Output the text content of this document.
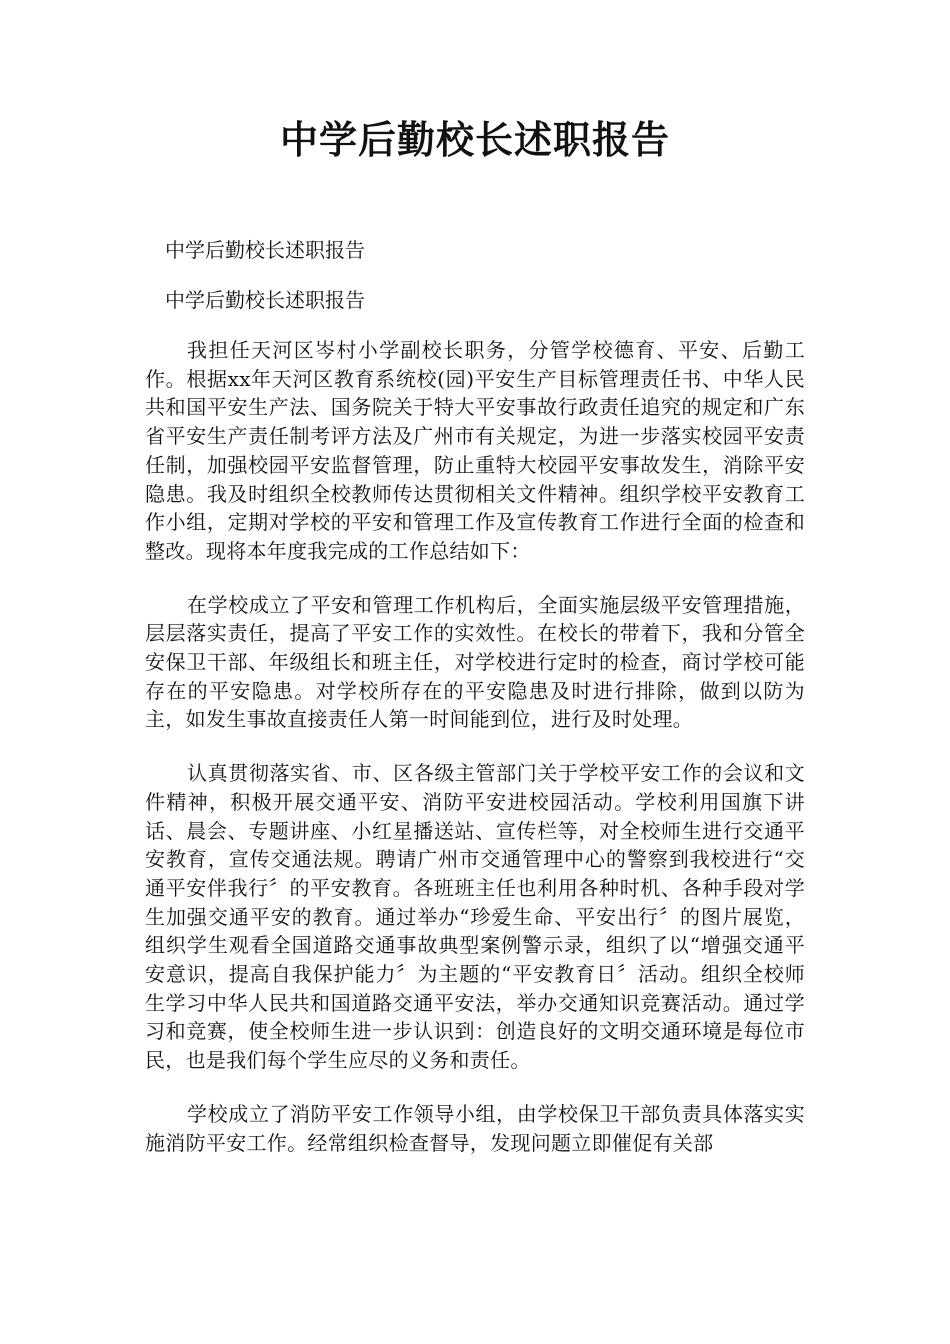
中学后勤校长述职报告

中学后勤校长述职报告

中学后勤校长述职报告

我担任天河区岑村小学副校长职务，分管学校德育、平安、后勤工作。根据xx年天河区教育系统校(园)平安生产目标管理责任书、中华人民共和国平安生产法、国务院关于特大平安事故行政责任追究的规定和广东省平安生产责任制考评方法及广州市有关规定，为进一步落实校园平安责任制，加强校园平安监督管理，防止重特大校园平安事故发生，消除平安隐患。我及时组织全校教师传达贯彻相关文件精神。组织学校平安教育工作小组，定期对学校的平安和管理工作及宣传教育工作进行全面的检查和整改。现将本年度我完成的工作总结如下：

在学校成立了平安和管理工作机构后，全面实施层级平安管理措施，层层落实责任，提高了平安工作的实效性。在校长的带着下，我和分管全安保卫干部、年级组长和班主任，对学校进行定时的检查，商讨学校可能存在的平安隐患。对学校所存在的平安隐患及时进行排除，做到以防为主，如发生事故直接责任人第一时间能到位，进行及时处理。

认真贯彻落实省、市、区各级主管部门关于学校平安工作的会议和文件精神，积极开展交通平安、消防平安进校园活动。学校利用国旗下讲话、晨会、专题讲座、小红星播送站、宣传栏等，对全校师生进行交通平安教育，宣传交通法规。聘请广州市交通管理中心的警察到我校进行“交通平安伴我行〞的平安教育。各班班主任也利用各种时机、各种手段对学生加强交通平安的教育。通过举办“珍爱生命、平安出行〞的图片展览，组织学生观看全国道路交通事故典型案例警示录，组织了以“增强交通平安意识，提高自我保护能力〞为主题的“平安教育日〞活动。组织全校师生学习中华人民共和国道路交通平安法，举办交通知识竞赛活动。通过学习和竞赛，使全校师生进一步认识到：创造良好的文明交通环境是每位市民，也是我们每个学生应尽的义务和责任。

学校成立了消防平安工作领导小组，由学校保卫干部负责具体落实实施消防平安工作。经常组织检查督导，发现问题立即催促有关部
